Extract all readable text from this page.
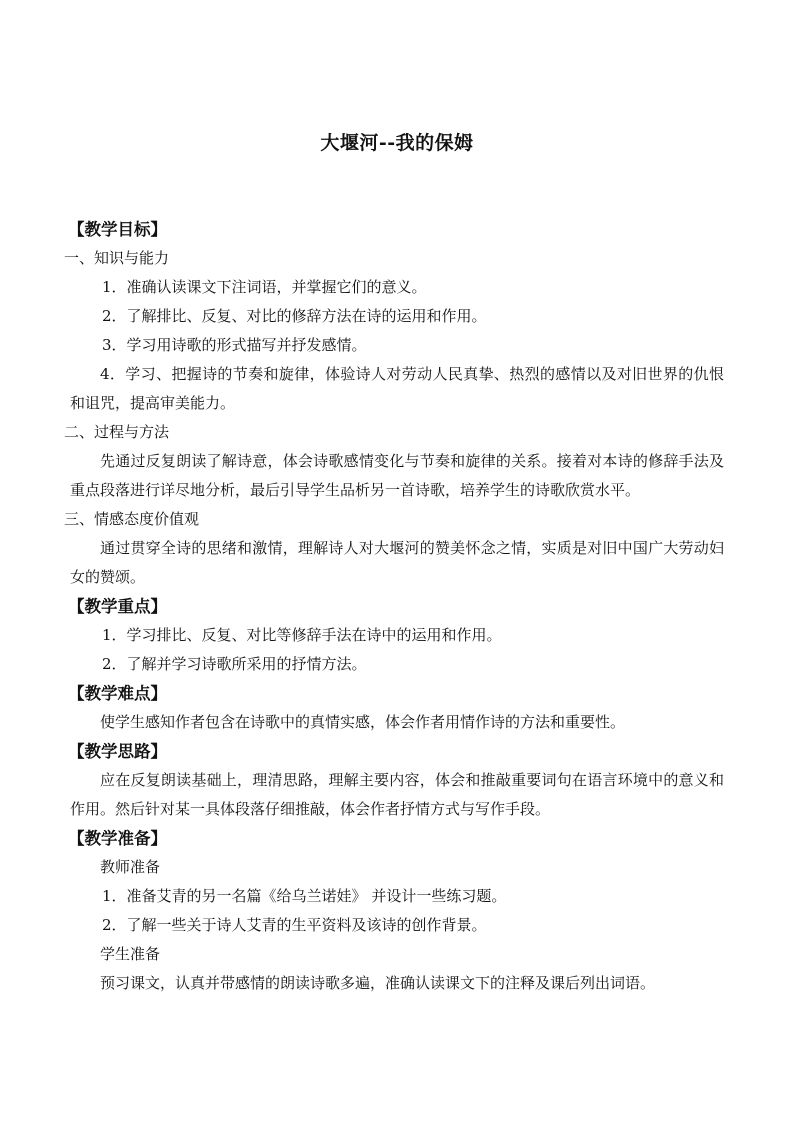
大堰河--我的保姆
【教学目标】
一、知识与能力
1．准确认读课文下注词语，并掌握它们的意义。
2．了解排比、反复、对比的修辞方法在诗的运用和作用。
3．学习用诗歌的形式描写并抒发感情。
4．学习、把握诗的节奏和旋律，体验诗人对劳动人民真挚、热烈的感情以及对旧世界的仇恨和诅咒，提高审美能力。
二、过程与方法
先通过反复朗读了解诗意，体会诗歌感情变化与节奏和旋律的关系。接着对本诗的修辞手法及重点段落进行详尽地分析，最后引导学生品析另一首诗歌，培养学生的诗歌欣赏水平。
三、情感态度价值观
通过贯穿全诗的思绪和激情，理解诗人对大堰河的赞美怀念之情，实质是对旧中国广大劳动妇女的赞颂。
【教学重点】
1．学习排比、反复、对比等修辞手法在诗中的运用和作用。
2．了解并学习诗歌所采用的抒情方法。
【教学难点】
使学生感知作者包含在诗歌中的真情实感，体会作者用情作诗的方法和重要性。
【教学思路】
应在反复朗读基础上，理清思路，理解主要内容，体会和推敲重要词句在语言环境中的意义和作用。然后针对某一具体段落仔细推敲，体会作者抒情方式与写作手段。
【教学准备】
教师准备
1．准备艾青的另一名篇《给乌兰诺娃》 并设计一些练习题。
2．了解一些关于诗人艾青的生平资料及该诗的创作背景。
学生准备
预习课文，认真并带感情的朗读诗歌多遍，准确认读课文下的注释及课后列出词语。
